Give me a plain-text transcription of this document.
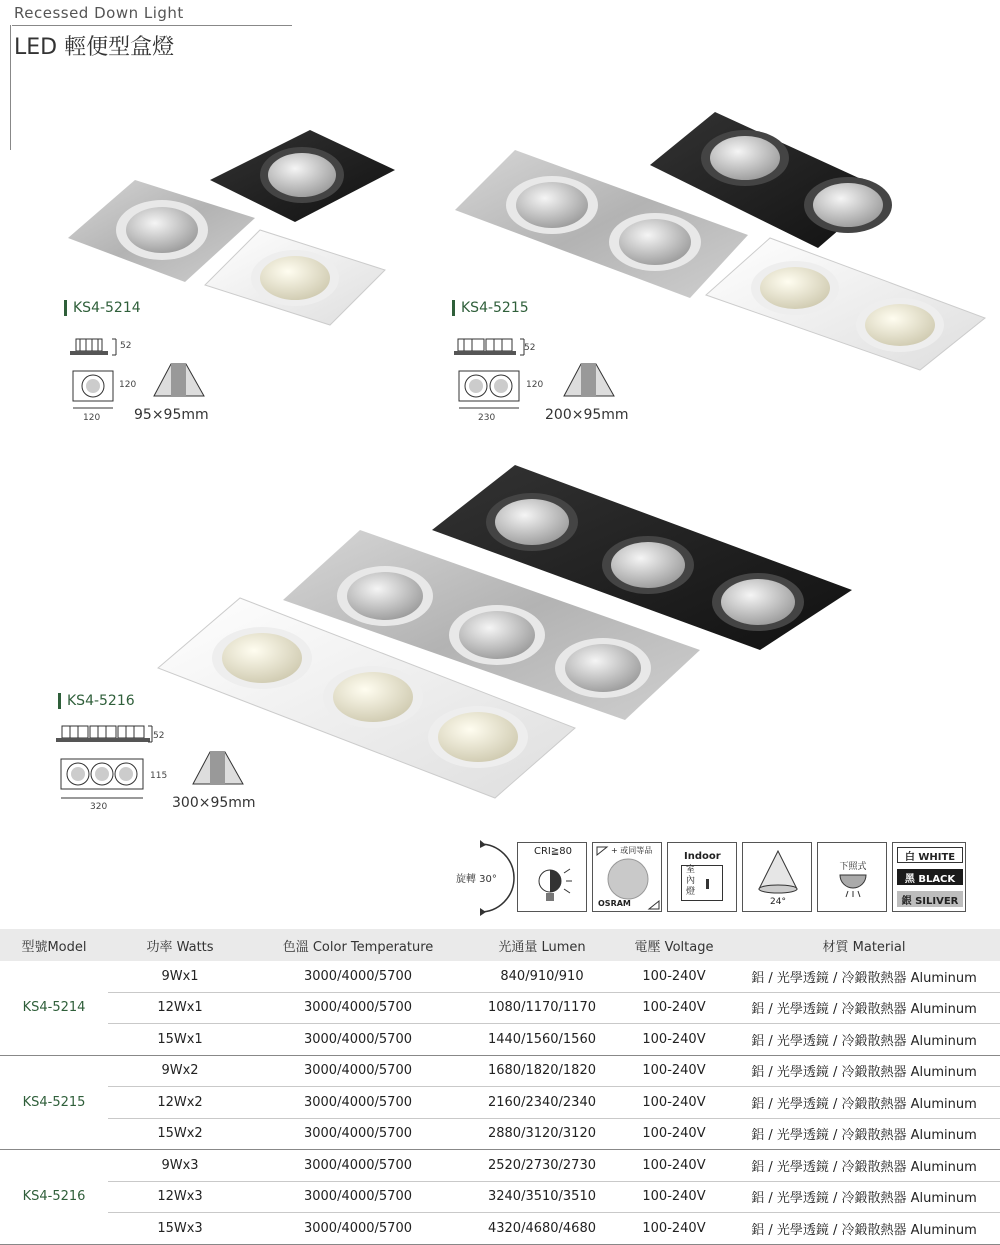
Recessed Down Light
LED 輕便型盒燈
KS4-5214
52
120
120 95×95mm
KS4-5215
52
120
230	200×95mm
KS4-5216
52
115
320	300×95mm
旋轉 30°
CRI≧80	+ 或同等品
OSRAM
Indoor
室
內
燈
24°
下照式
白 WHITE
黑 BLACK
銀 SILIVER
型號Model	功率 Watts	色溫 Color Temperature	光通量 Lumen	電壓 Voltage	材質 Material
KS4-5214	9Wx1	3000/4000/5700	840/910/910	100-240V	鋁 / 光學透鏡 / 冷鍛散熱器 Aluminum
	12Wx1	3000/4000/5700	1080/1170/1170	100-240V	鋁 / 光學透鏡 / 冷鍛散熱器 Aluminum
	15Wx1	3000/4000/5700	1440/1560/1560	100-240V	鋁 / 光學透鏡 / 冷鍛散熱器 Aluminum
KS4-5215	9Wx2	3000/4000/5700	1680/1820/1820	100-240V	鋁 / 光學透鏡 / 冷鍛散熱器 Aluminum
	12Wx2	3000/4000/5700	2160/2340/2340	100-240V	鋁 / 光學透鏡 / 冷鍛散熱器 Aluminum
	15Wx2	3000/4000/5700	2880/3120/3120	100-240V	鋁 / 光學透鏡 / 冷鍛散熱器 Aluminum
KS4-5216	9Wx3	3000/4000/5700	2520/2730/2730	100-240V	鋁 / 光學透鏡 / 冷鍛散熱器 Aluminum
	12Wx3	3000/4000/5700	3240/3510/3510	100-240V	鋁 / 光學透鏡 / 冷鍛散熱器 Aluminum
	15Wx3	3000/4000/5700	4320/4680/4680	100-240V	鋁 / 光學透鏡 / 冷鍛散熱器 Aluminum
